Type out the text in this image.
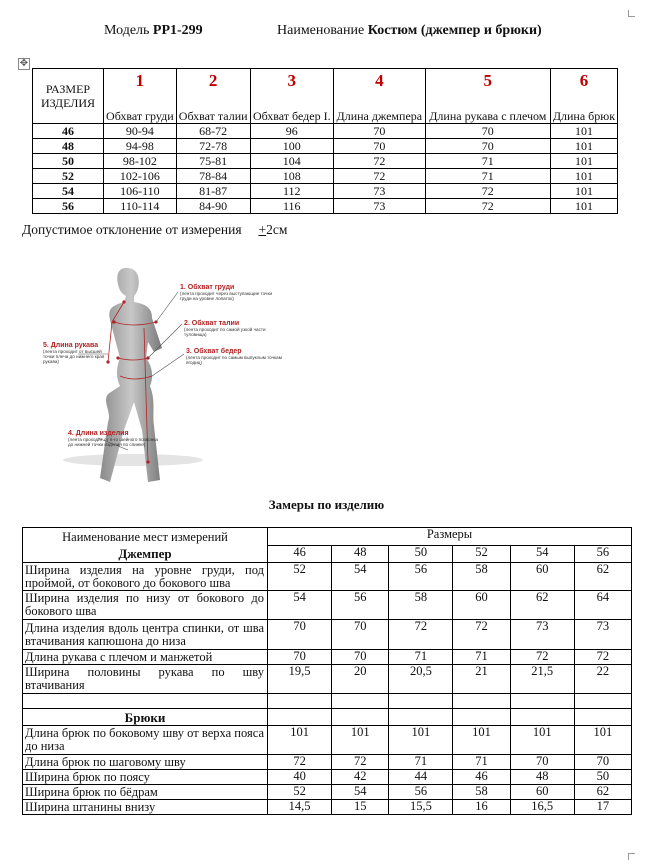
Модель РР1-299	Наименование Костюм (джемпер и брюки)
✥
РАЗМЕР ИЗДЕЛИЯ	1	2	3	4	5	6
	Обхват груди	Обхват талии	Обхват бедер I.	Длина джемпера	Длина рукава с плечом	Длина брюк
46	90-94	68-72	96	70	70	101
48	94-98	72-78	100	70	70	101
50	98-102	75-81	104	72	71	101
52	102-106	78-84	108	72	71	101
54	106-110	81-87	112	73	72	101
56	110-114	84-90	116	73	72	101
Допустимое отклонение от измерения +2см
1. Обхват груди
(лента проходит через выступающие точки груди на уровне лопаток)
2. Обхват талии
(лента проходит по самой узкой части туловища)
3. Обхват бедер
(лента проходит по самым выпуклым точкам ягодиц)
5. Длина рукава
(лента проходит от высшей точки плеча до нижнего края рукава)
4. Длина изделия
(лента проходит от 6-го шейного позвонка до нижней точки изделия по спинке)
Замеры по изделию
Наименование мест измерений	Размеры					
Джемпер	46	48	50	52	54	56
Ширина изделия на уровне груди, под проймой, от бокового до бокового шва	52	54	56	58	60	62
Ширина изделия по низу от бокового до бокового шва	54	56	58	60	62	64
Длина изделия вдоль центра спинки, от шва втачивания капюшона до низа	70	70	72	72	73	73
Длина рукава с плечом и манжетой	70	70	71	71	72	72
Ширина половины рукава по шву втачивания	19,5	20	20,5	21	21,5	22

Брюки						
Длина брюк по боковому шву от верха пояса до низа	101	101	101	101	101	101
Длина брюк по шаговому шву	72	72	71	71	70	70
Ширина брюк по поясу	40	42	44	46	48	50
Ширина брюк по бёдрам	52	54	56	58	60	62
Ширина штанины внизу	14,5	15	15,5	16	16,5	17
